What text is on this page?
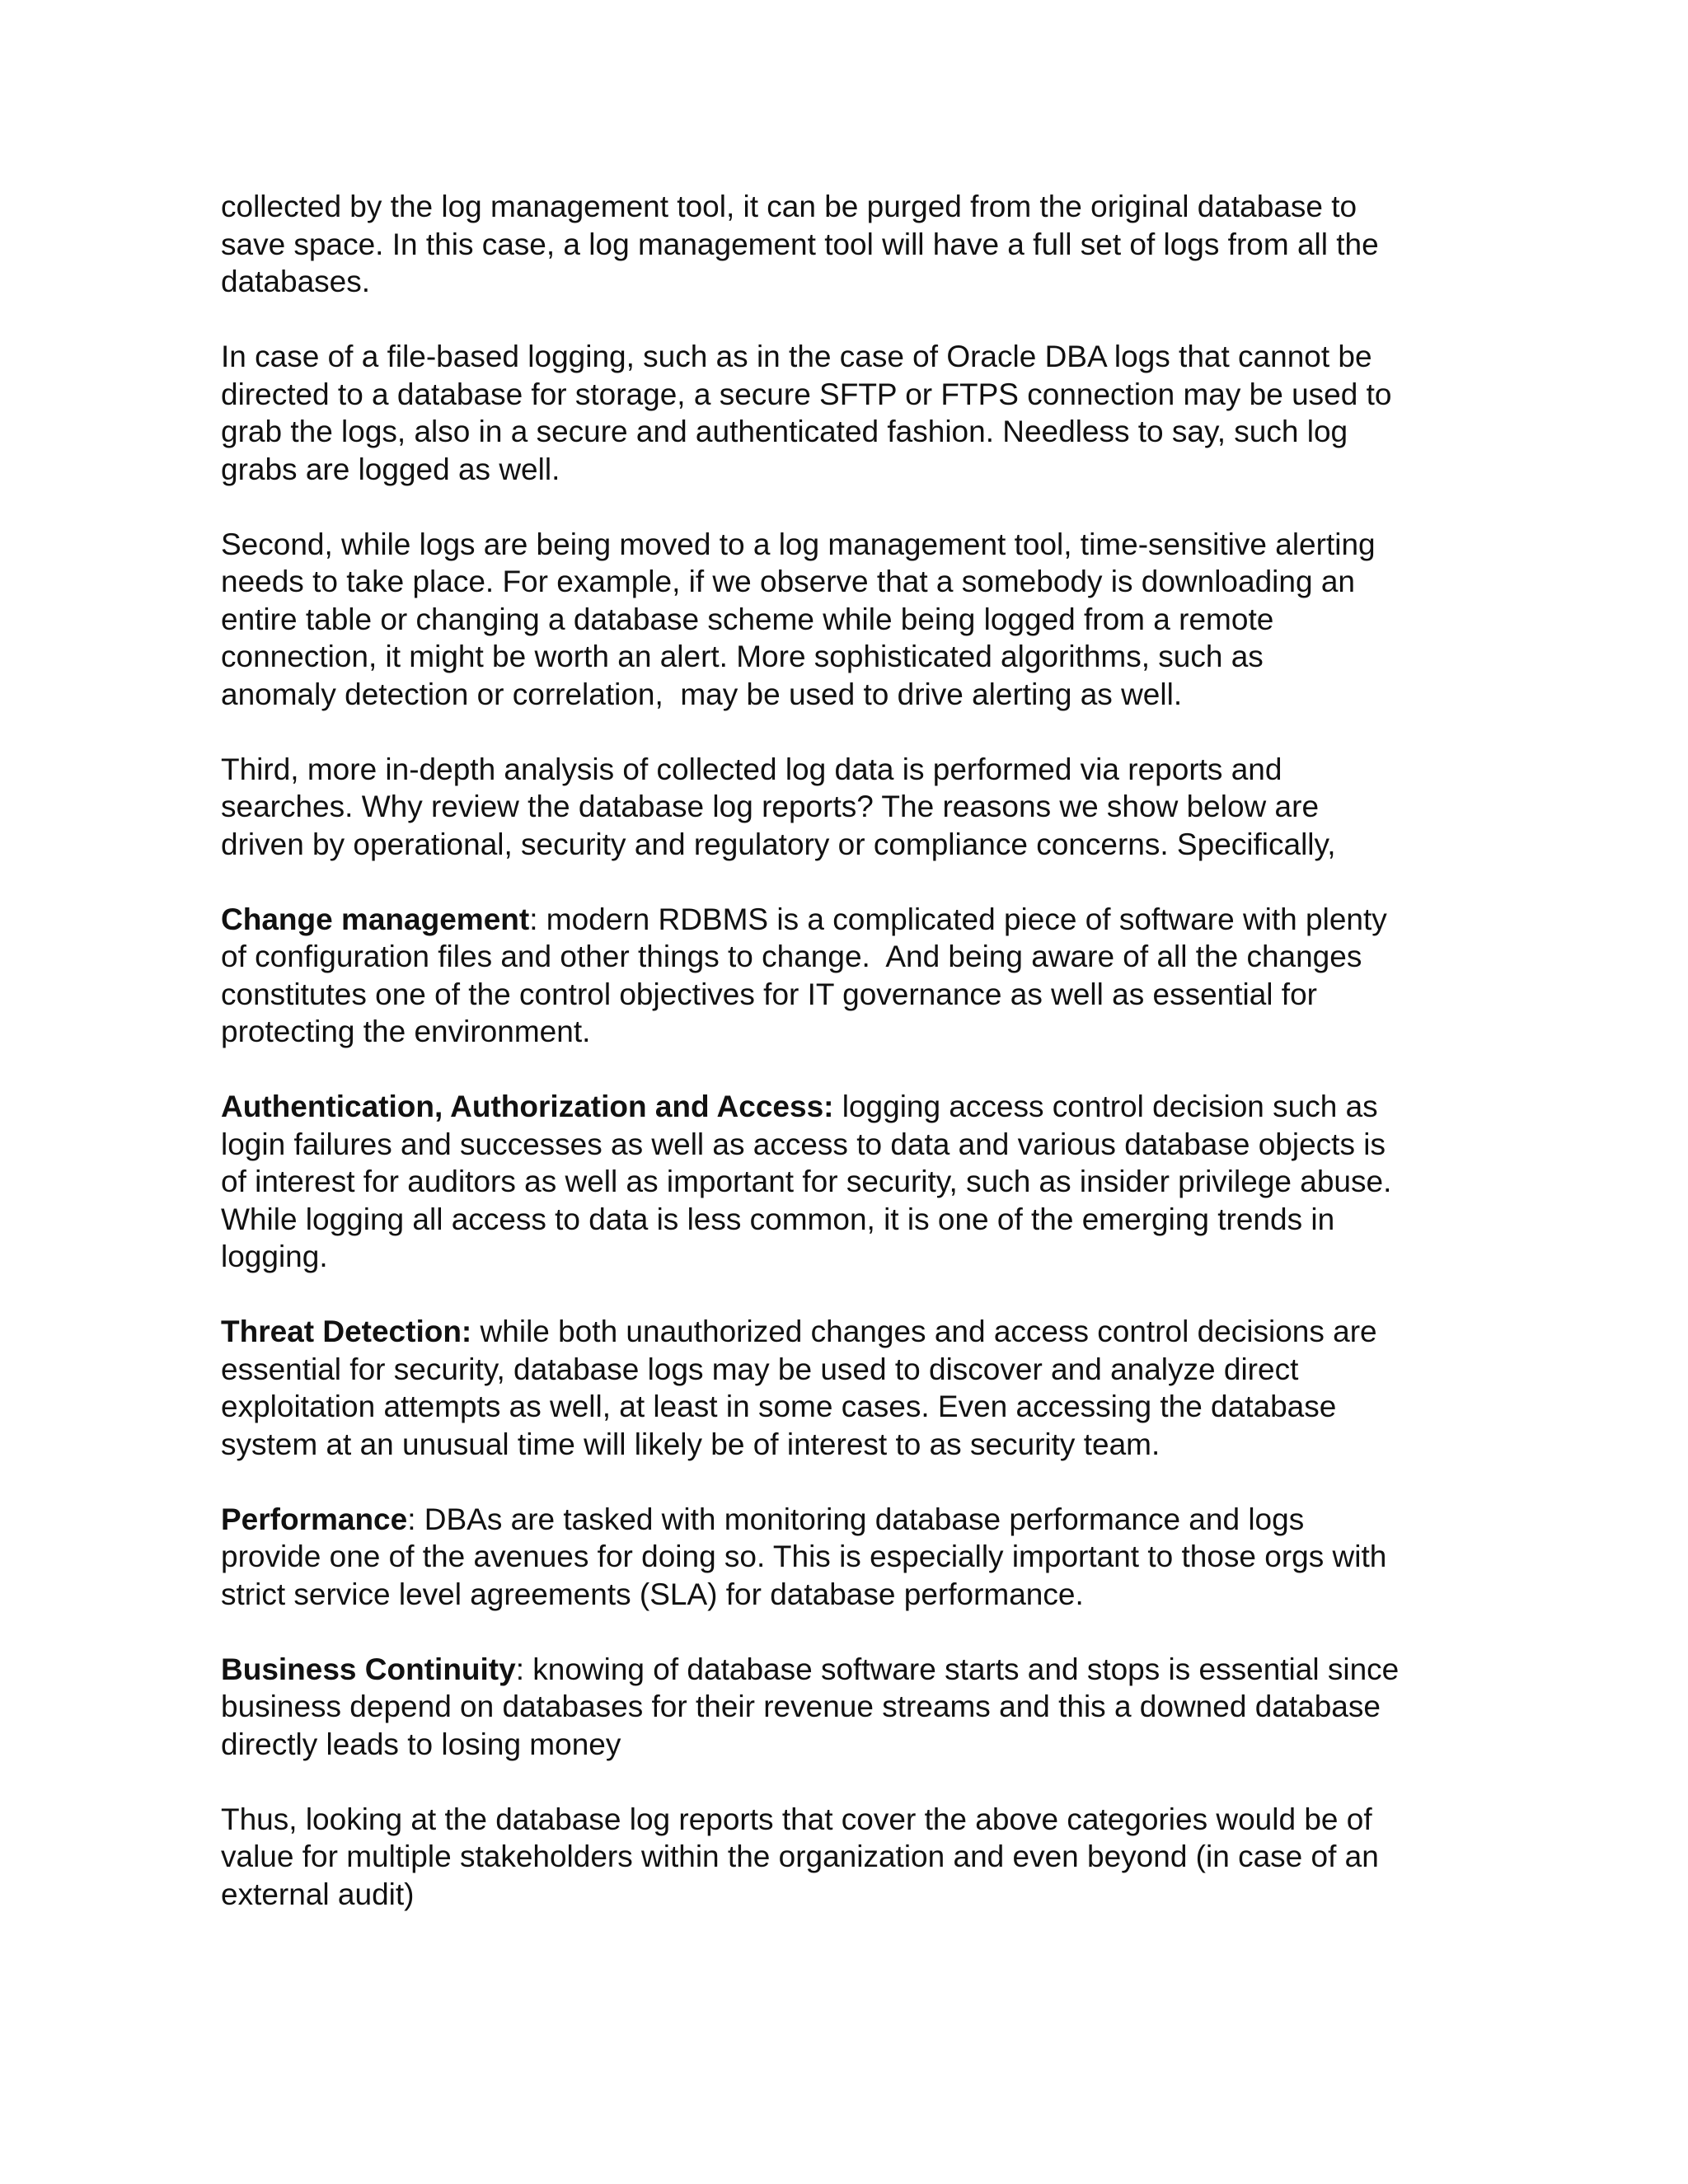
collected by the log management tool, it can be purged from the original database to
save space. In this case, a log management tool will have a full set of logs from all the
databases.

In case of a file-based logging, such as in the case of Oracle DBA logs that cannot be
directed to a database for storage, a secure SFTP or FTPS connection may be used to
grab the logs, also in a secure and authenticated fashion. Needless to say, such log
grabs are logged as well.

Second, while logs are being moved to a log management tool, time-sensitive alerting
needs to take place. For example, if we observe that a somebody is downloading an
entire table or changing a database scheme while being logged from a remote
connection, it might be worth an alert. More sophisticated algorithms, such as
anomaly detection or correlation,  may be used to drive alerting as well.

Third, more in-depth analysis of collected log data is performed via reports and
searches. Why review the database log reports? The reasons we show below are
driven by operational, security and regulatory or compliance concerns. Specifically,

Change management: modern RDBMS is a complicated piece of software with plenty
of configuration files and other things to change.  And being aware of all the changes
constitutes one of the control objectives for IT governance as well as essential for
protecting the environment.

Authentication, Authorization and Access: logging access control decision such as
login failures and successes as well as access to data and various database objects is
of interest for auditors as well as important for security, such as insider privilege abuse.
While logging all access to data is less common, it is one of the emerging trends in
logging.

Threat Detection: while both unauthorized changes and access control decisions are
essential for security, database logs may be used to discover and analyze direct
exploitation attempts as well, at least in some cases. Even accessing the database
system at an unusual time will likely be of interest to as security team.

Performance: DBAs are tasked with monitoring database performance and logs
provide one of the avenues for doing so. This is especially important to those orgs with
strict service level agreements (SLA) for database performance.

Business Continuity: knowing of database software starts and stops is essential since
business depend on databases for their revenue streams and this a downed database
directly leads to losing money

Thus, looking at the database log reports that cover the above categories would be of
value for multiple stakeholders within the organization and even beyond (in case of an
external audit)
